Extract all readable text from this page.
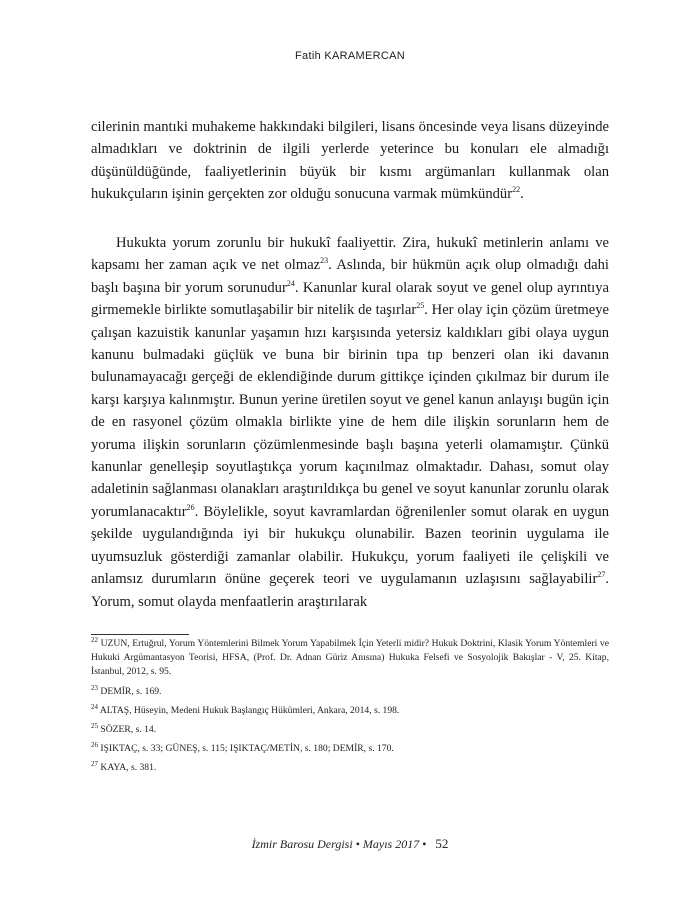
Fatih KARAMERCAN

cilerinin mantıki muhakeme hakkındaki bilgileri, lisans öncesinde veya lisans düzeyinde almadıkları ve doktrinin de ilgili yerlerde yeterince bu konuları ele almadığı düşünüldüğünde, faaliyetlerinin büyük bir kısmı argümanları kullanmak olan hukukçuların işinin gerçekten zor olduğu sonucuna varmak mümkündür$^{22}$.

Hukukta yorum zorunlu bir hukukî faaliyettir. Zira, hukukî metinlerin anlamı ve kapsamı her zaman açık ve net olmaz$^{23}$. Aslında, bir hükmün açık olup olmadığı dahi başlı başına bir yorum sorunudur$^{24}$. Kanunlar kural olarak soyut ve genel olup ayrıntıya girmemekle birlikte somutlaşabilir bir nitelik de taşırlar$^{25}$. Her olay için çözüm üretmeye çalışan kazuistik kanunlar yaşamın hızı karşısında yetersiz kaldıkları gibi olaya uygun kanunu bulmadaki güçlük ve buna bir birinin tıpa tıp benzeri olan iki davanın bulunamayacağı gerçeği de eklendiğinde durum gittikçe içinden çıkılmaz bir durum ile karşı karşıya kalınmıştır. Bunun yerine üretilen soyut ve genel kanun anlayışı bugün için de en rasyonel çözüm olmakla birlikte yine de hem dile ilişkin sorunların hem de yoruma ilişkin sorunların çözümlenmesinde başlı başına yeterli olamamıştır. Çünkü kanunlar genelleşip soyutlaştıkça yorum kaçınılmaz olmaktadır. Dahası, somut olay adaletinin sağlanması olanakları araştırıldıkça bu genel ve soyut kanunlar zorunlu olarak yorumlanacaktır$^{26}$. Böylelikle, soyut kavramlardan öğrenilenler somut olarak en uygun şekilde uygulandığında iyi bir hukukçu olunabilir. Bazen teorinin uygulama ile uyumsuzluk gösterdiği zamanlar olabilir. Hukukçu, yorum faaliyeti ile çelişkili ve anlamsız durumların önüne geçerek teori ve uygulamanın uzlaşısını sağlayabilir$^{27}$. Yorum, somut olayda menfaatlerin araştırılarak

$^{22}$ UZUN, Ertuğrul, Yorum Yöntemlerini Bilmek Yorum Yapabilmek İçin Yeterli midir? Hukuk Doktrini, Klasik Yorum Yöntemleri ve Hukuki Argümantasyon Teorisi, HFSA, (Prof. Dr. Adnan Güriz Anısına) Hukuka Felsefi ve Sosyolojik Bakışlar - V, 25. Kitap, İstanbul, 2012, s. 95.

$^{23}$ DEMİR, s. 169.

$^{24}$ ALTAŞ, Hüseyin, Medeni Hukuk Başlangıç Hükümleri, Ankara, 2014, s. 198.

$^{25}$ SÖZER, s. 14.

$^{26}$ IŞIKTAÇ, s. 33; GÜNEŞ, s. 115; IŞIKTAÇ/METİN, s. 180; DEMİR, s. 170.

$^{27}$ KAYA, s. 381.

İzmir Barosu Dergisi • Mayıs 2017 • 52
